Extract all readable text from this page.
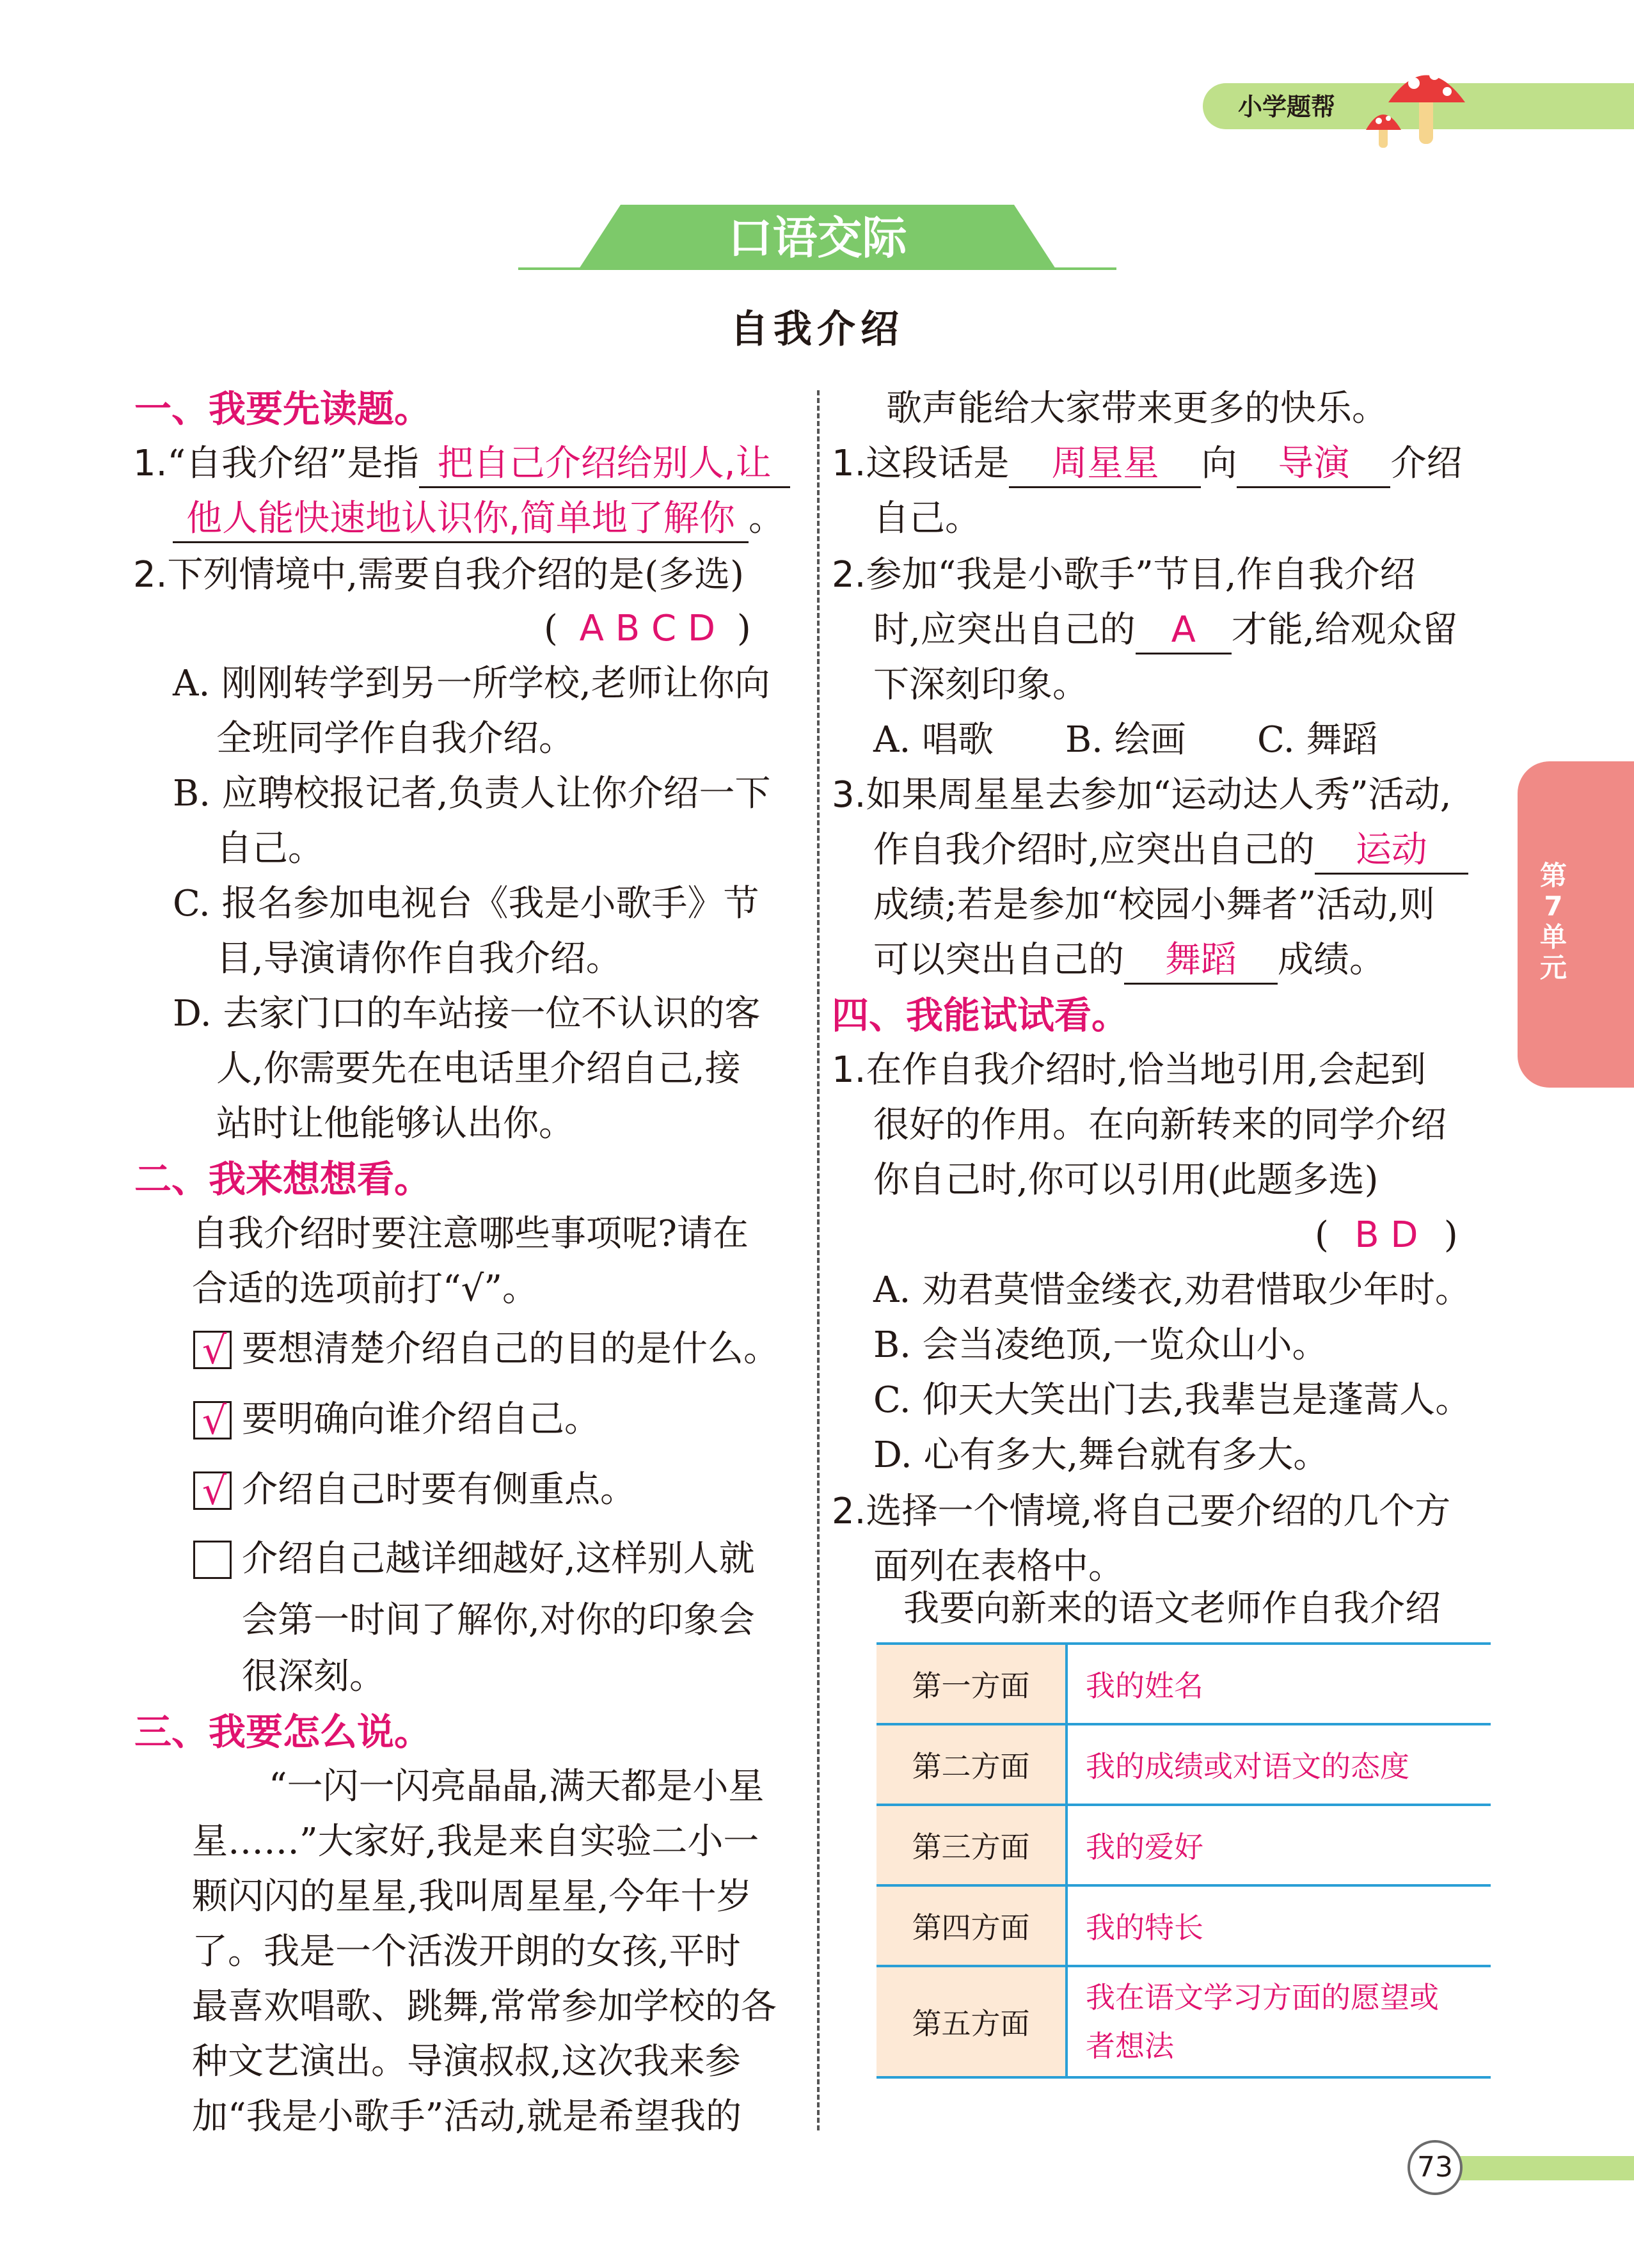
小学题帮
口语交际
自我介绍
一、我要先读题。
1.“自我介绍”是指 把自己介绍给别人,让
他人能快速地认识你,简单地了解你 。
2.下列情境中,需要自我介绍的是(多选)
( A B C D )
A. 刚刚转学到另一所学校,老师让你向
全班同学作自我介绍。
B. 应聘校报记者,负责人让你介绍一下
自己。
C. 报名参加电视台《我是小歌手》节
目,导演请你作自我介绍。
D. 去家门口的车站接一位不认识的客
人,你需要先在电话里介绍自己,接
站时让他能够认出你。
二、我来想想看。
自我介绍时要注意哪些事项呢?请在
合适的选项前打“√”。
√ 要想清楚介绍自己的目的是什么。
√ 要明确向谁介绍自己。
√ 介绍自己时要有侧重点。
介绍自己越详细越好,这样别人就
会第一时间了解你,对你的印象会
很深刻。
三、我要怎么说。
“一闪一闪亮晶晶,满天都是小星
星……”大家好,我是来自实验二小一
颗闪闪的星星,我叫周星星,今年十岁
了。我是一个活泼开朗的女孩,平时
最喜欢唱歌、跳舞,常常参加学校的各
种文艺演出。导演叔叔,这次我来参
加“我是小歌手”活动,就是希望我的
歌声能给大家带来更多的快乐。
1.这段话是 周星星 向 导演 介绍
自己。
2.参加“我是小歌手”节目,作自我介绍
时,应突出自己的 A 才能,给观众留
下深刻印象。
A. 唱歌 B. 绘画 C. 舞蹈
3.如果周星星去参加“运动达人秀”活动,
作自我介绍时,应突出自己的 运动
成绩;若是参加“校园小舞者”活动,则
可以突出自己的 舞蹈 成绩。
四、我能试试看。
1.在作自我介绍时,恰当地引用,会起到
很好的作用。在向新转来的同学介绍
你自己时,你可以引用(此题多选)
( B D )
A. 劝君莫惜金缕衣,劝君惜取少年时。
B. 会当凌绝顶,一览众山小。
C. 仰天大笑出门去,我辈岂是蓬蒿人。
D. 心有多大,舞台就有多大。
2.选择一个情境,将自己要介绍的几个方
面列在表格中。
我要向新来的语文老师作自我介绍
第一方面	我的姓名
第二方面	我的成绩或对语文的态度
第三方面	我的爱好
第四方面	我的特长
第五方面	我在语文学习方面的愿望或
者想法
第7单元
73
